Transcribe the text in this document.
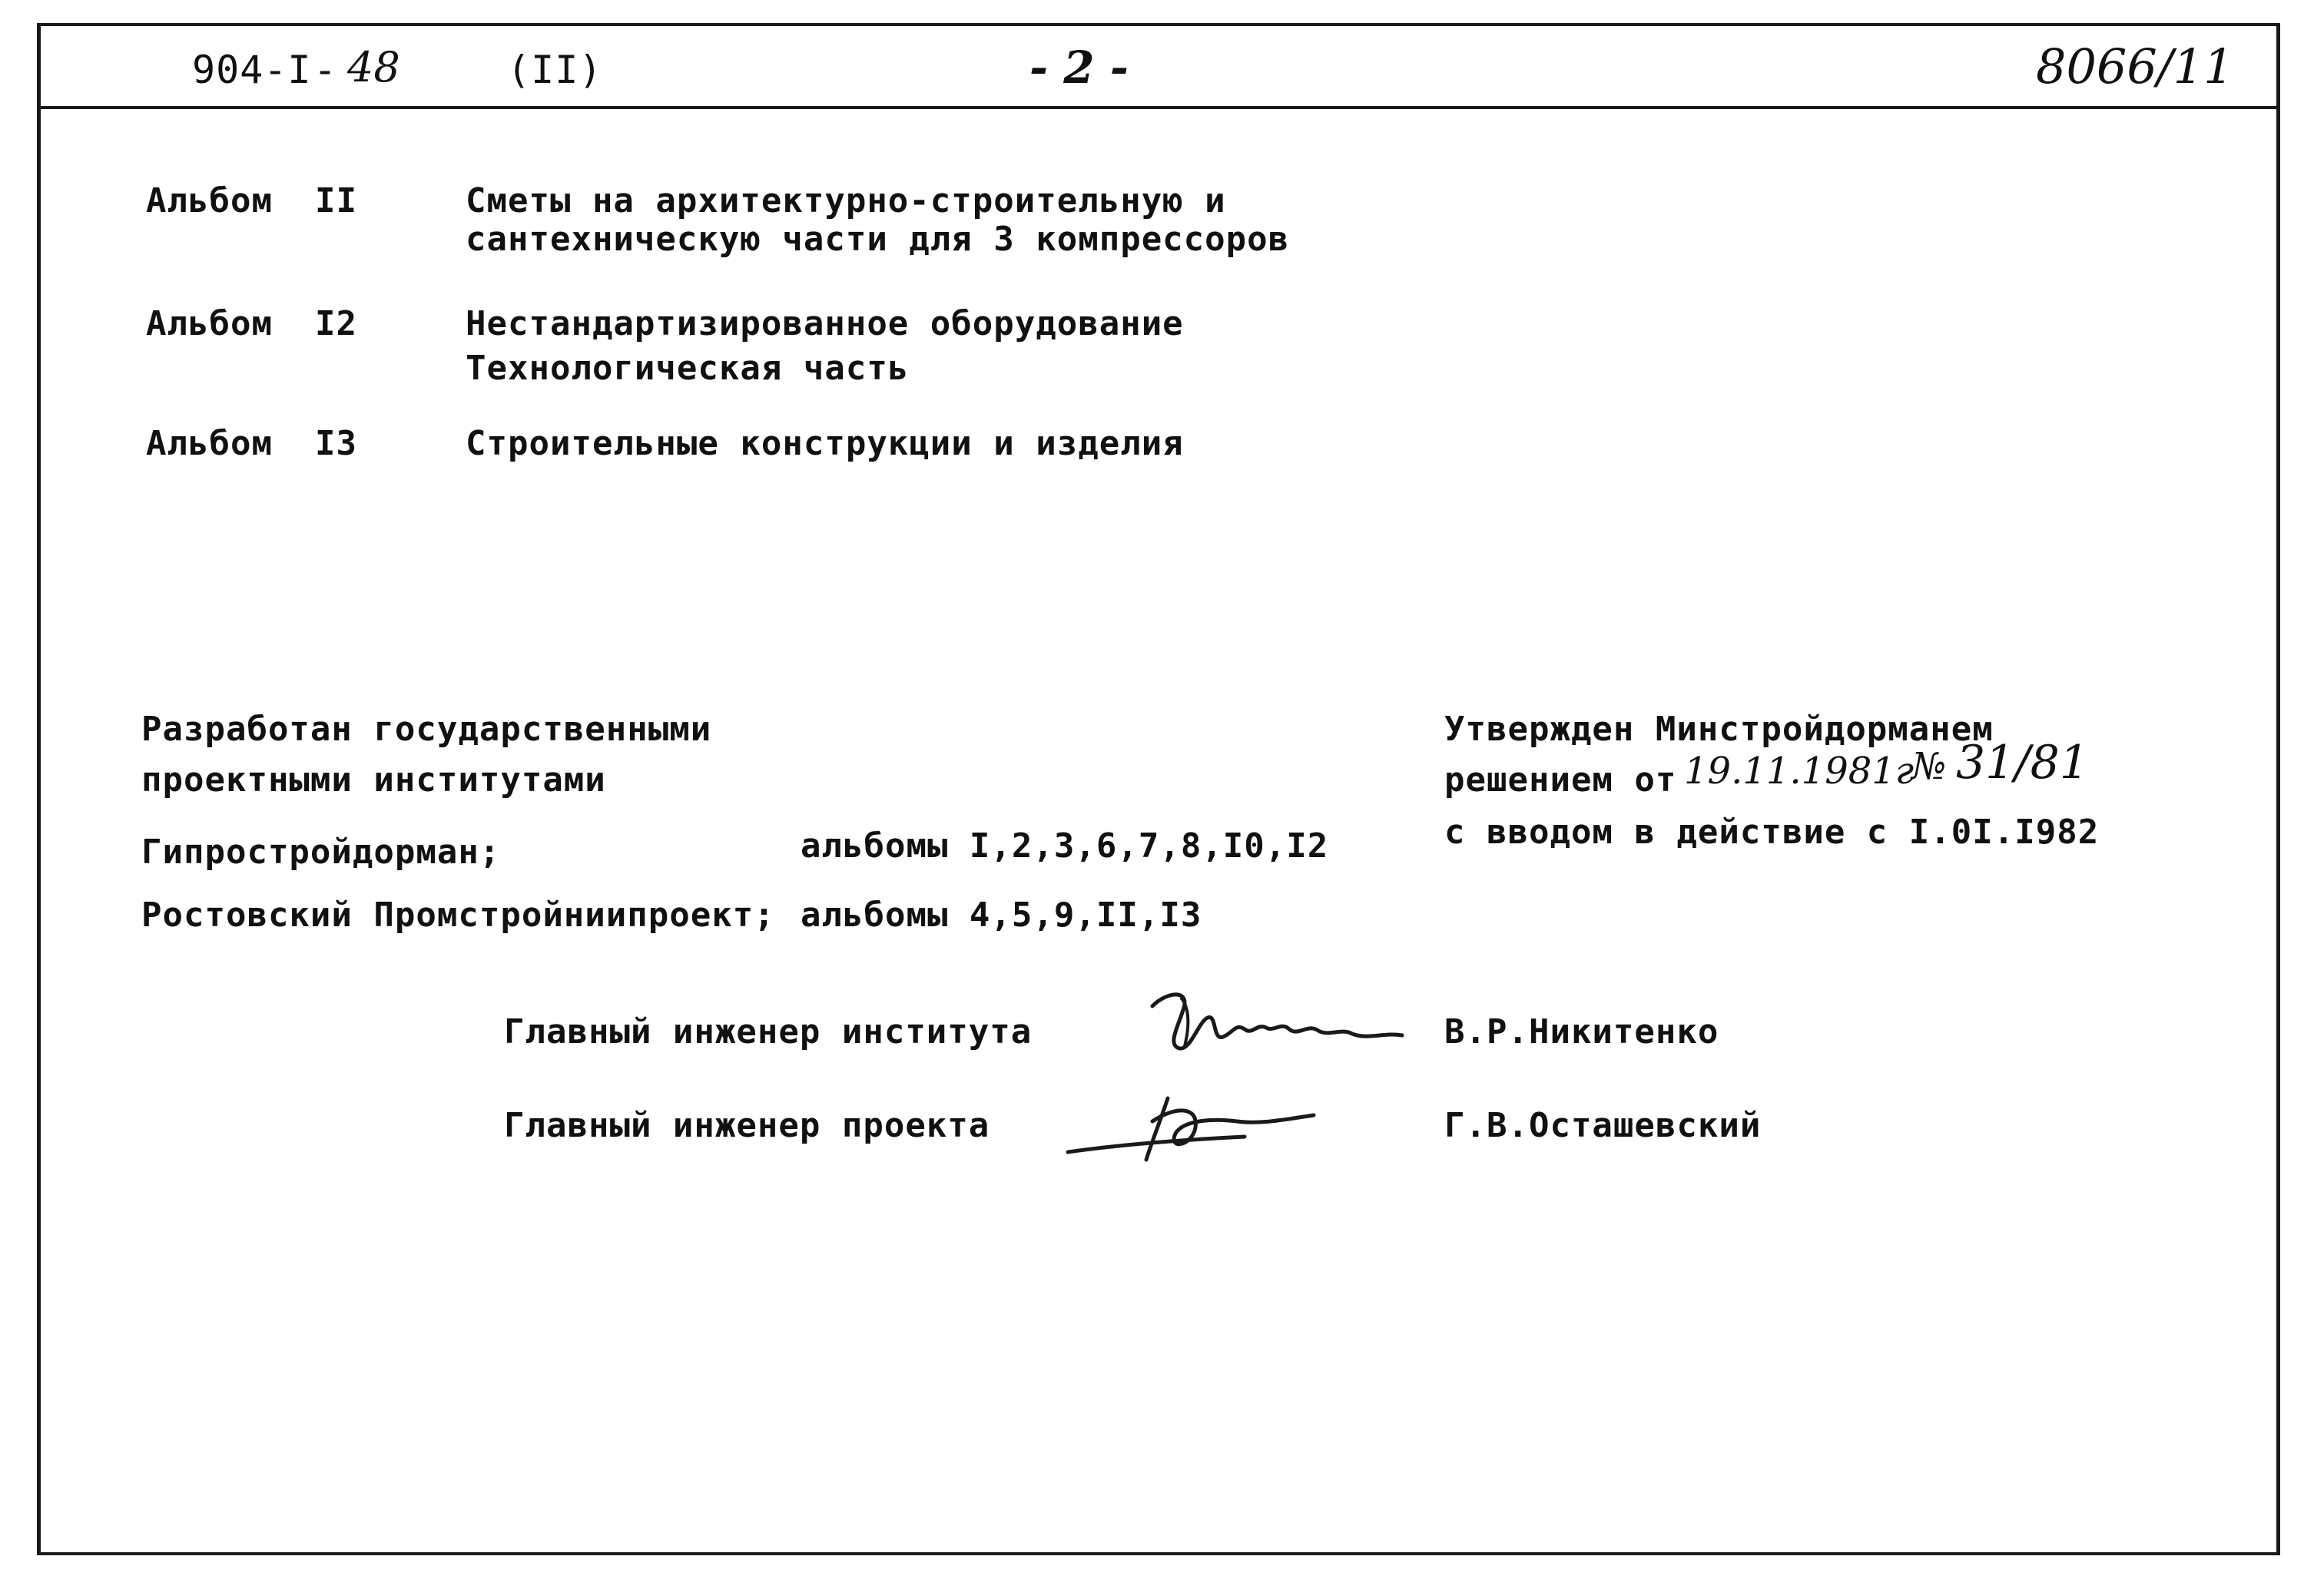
904-I - 48	(II)	- 2 -	8066/11
Альбом II	Сметы на архитектурно-строительную и
сантехническую части для 3 компрессоров
Альбом I2	Нестандартизированное оборудование
Технологическая часть
Альбом I3	Строительные конструкции и изделия
Разработан государственными
проектными институтами
Гипростройдорман;	альбомы I,2,3,6,7,8,I0,I2
Ростовский Промстройниипроект; альбомы 4,5,9,II,I3
Утвержден Минстройдорманем
решением от 19.11.1981г
№ 31/81
с вводом в действие с I.0I.I982
Главный инженер института	В.Р.Никитенко
Главный инженер проекта	Г.В.Осташевский
